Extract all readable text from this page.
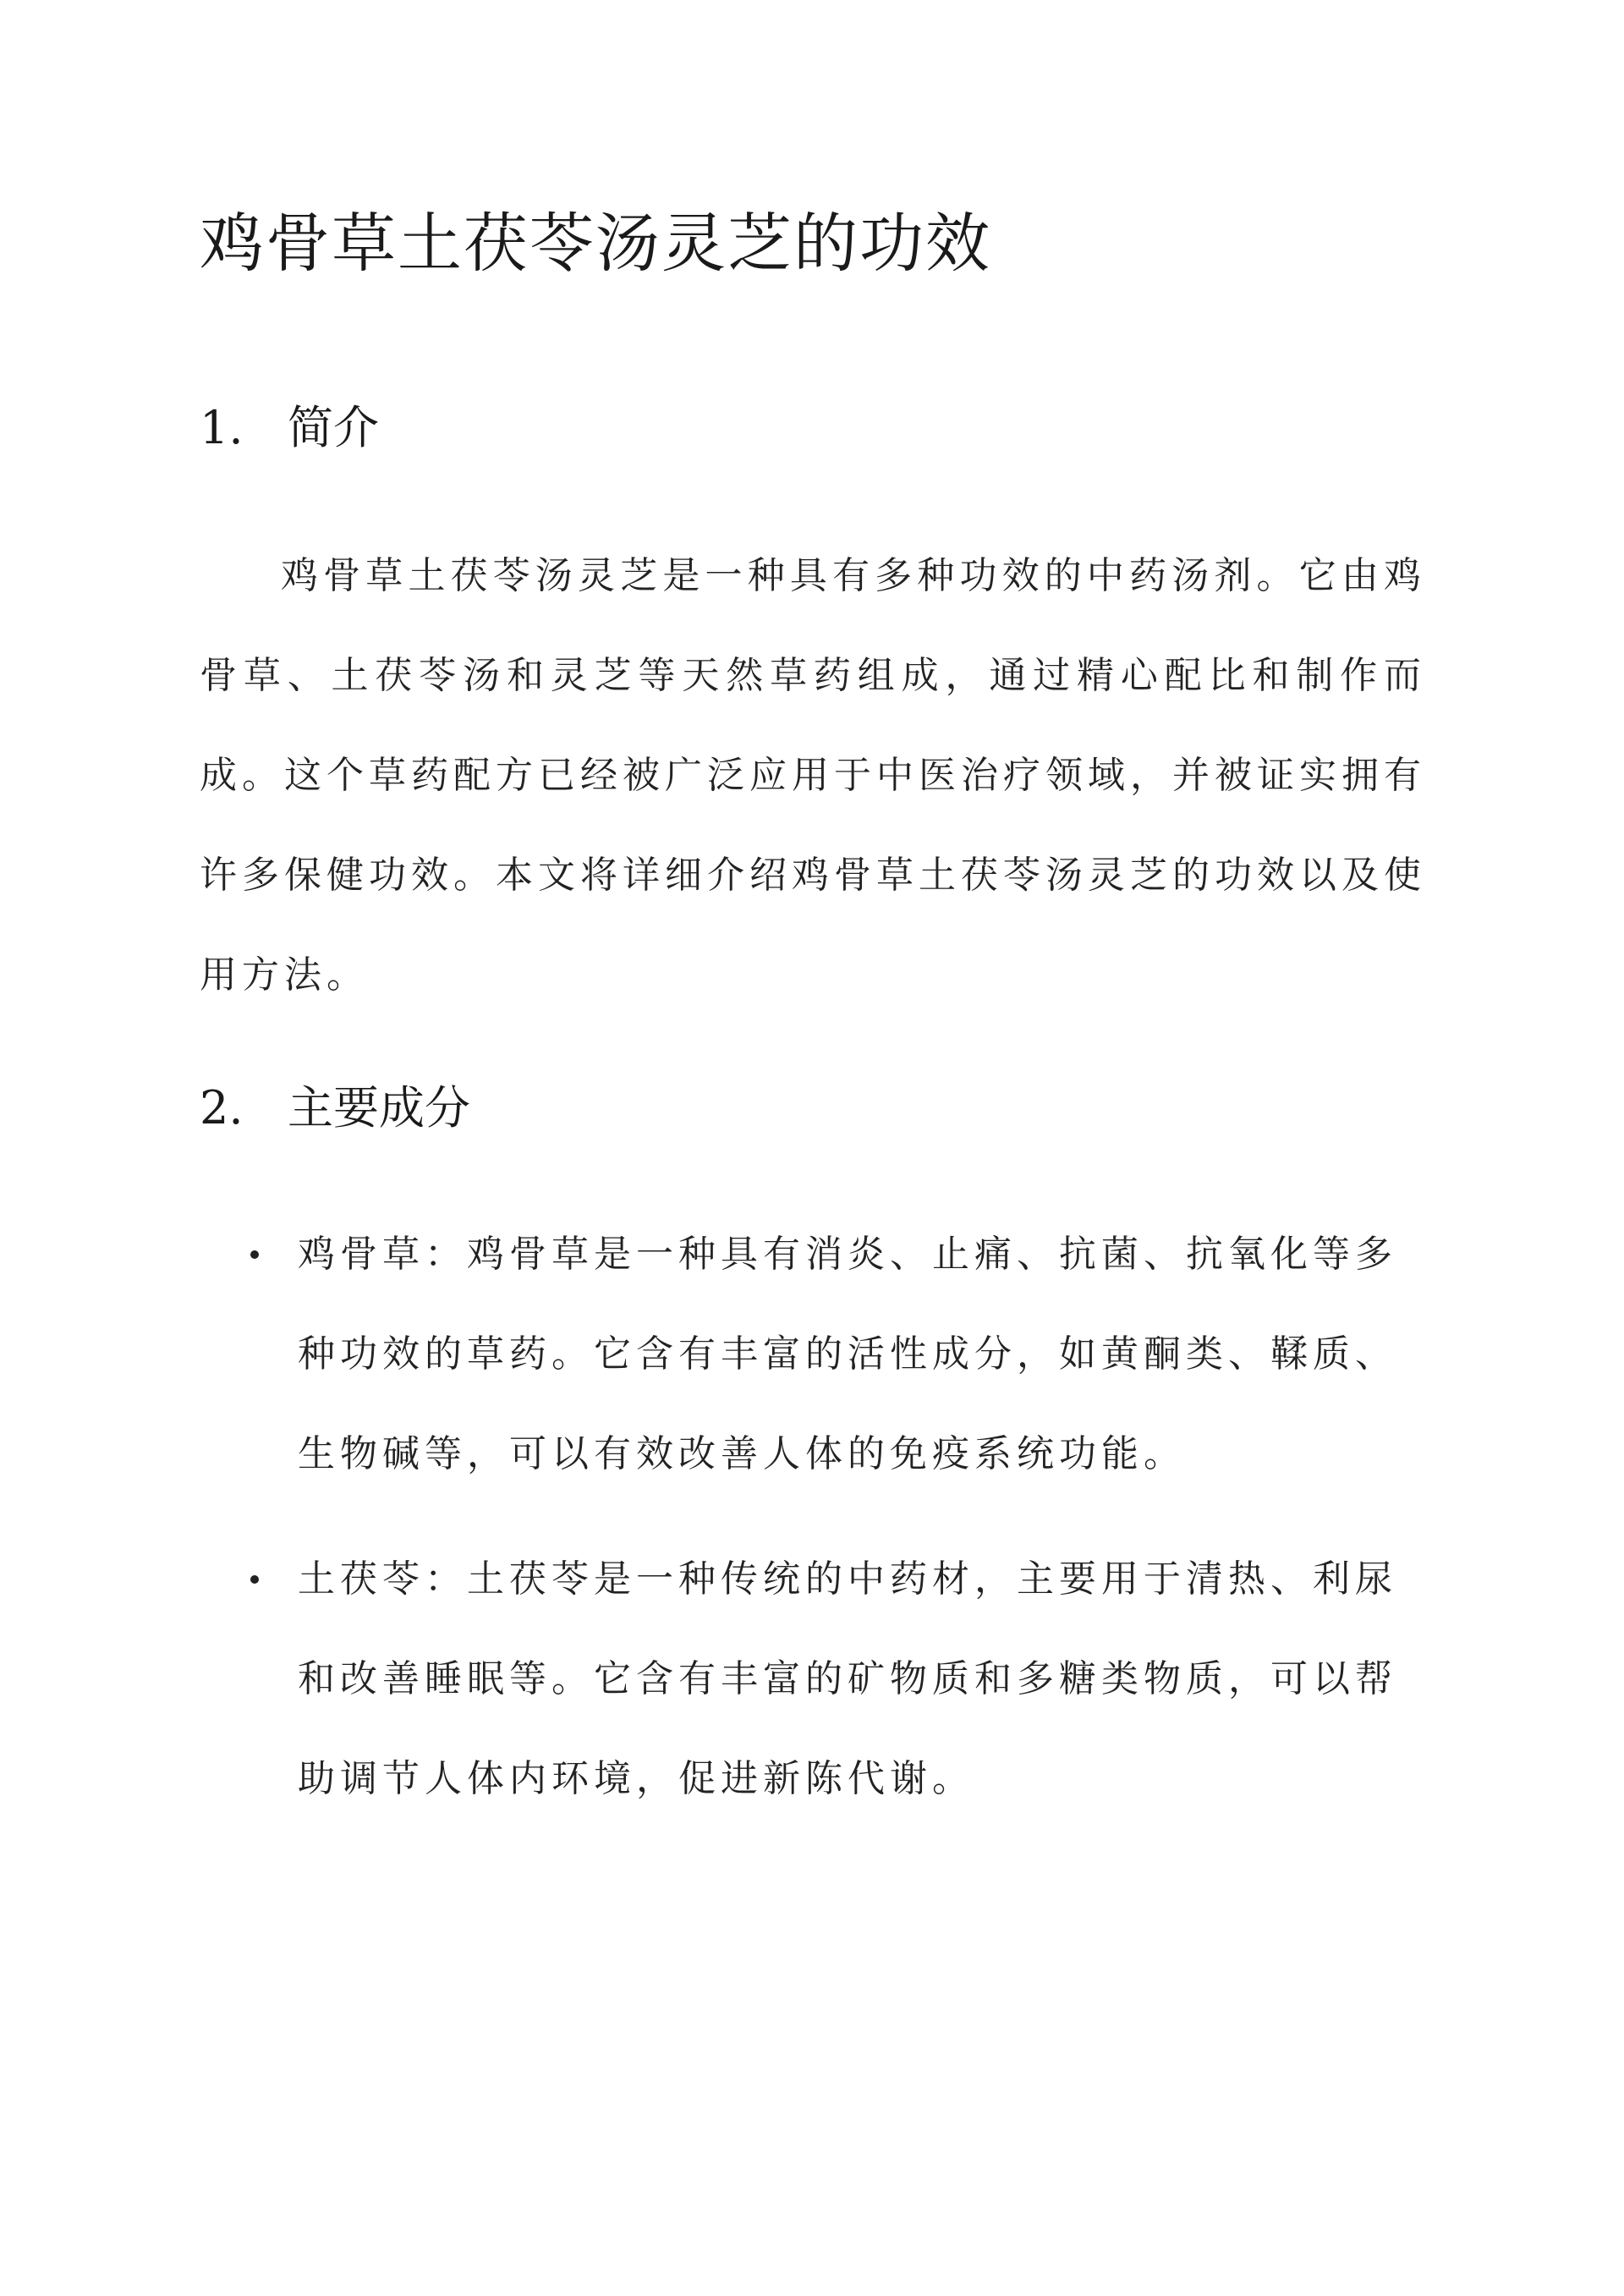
鸡骨草土茯苓汤灵芝的功效
1. 简介

鸡骨草土茯苓汤灵芝是一种具有多种功效的中药汤剂。它由鸡骨草、土茯苓汤和灵芝等天然草药组成，通过精心配比和制作而成。这个草药配方已经被广泛应用于中医治疗领域，并被证实拥有许多保健功效。本文将详细介绍鸡骨草土茯苓汤灵芝的功效以及使用方法。

2. 主要成分
鸡骨草：鸡骨草是一种具有消炎、止痛、抗菌、抗氧化等多种功效的草药。它含有丰富的活性成分，如黄酮类、鞣质、生物碱等，可以有效改善人体的免疫系统功能。
土茯苓：土茯苓是一种传统的中药材，主要用于清热、利尿和改善睡眠等。它含有丰富的矿物质和多糖类物质，可以帮助调节人体内环境，促进新陈代谢。
